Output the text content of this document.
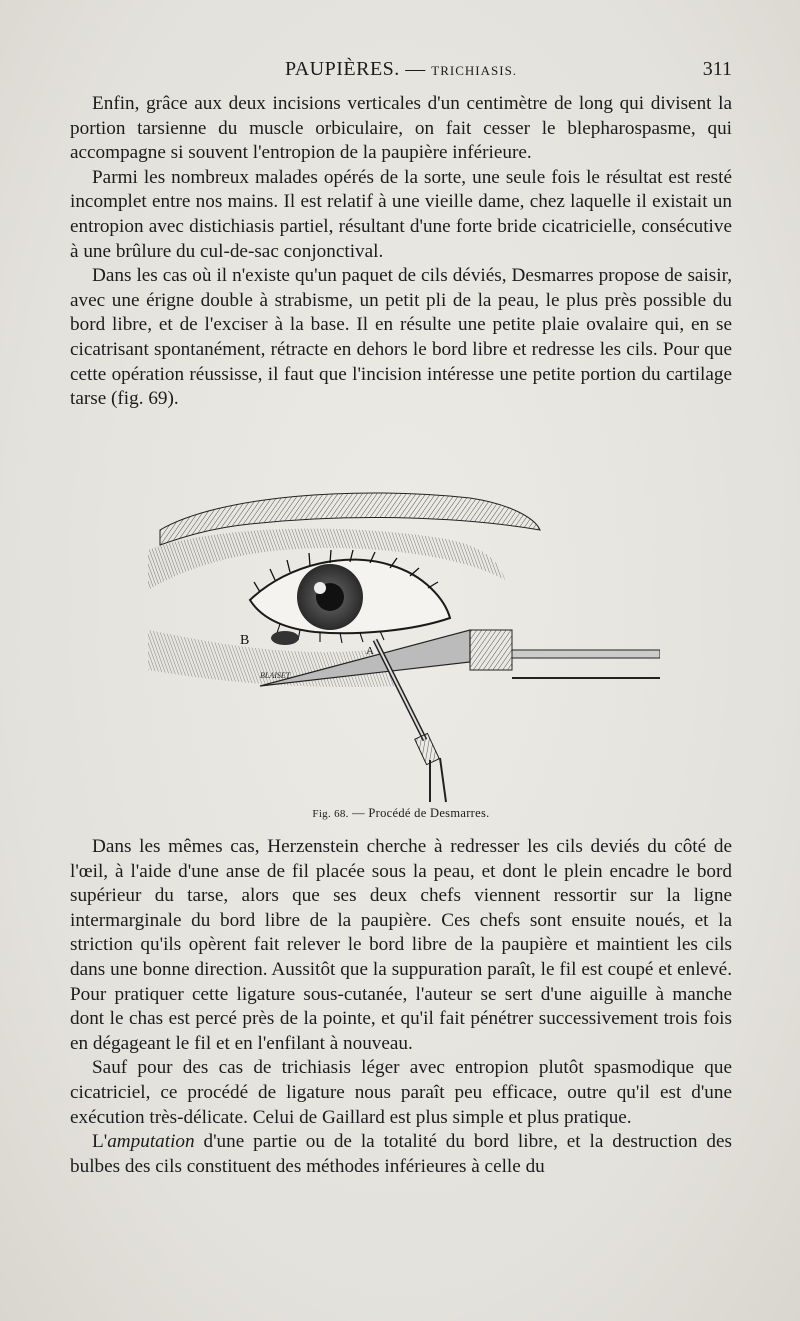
PAUPIÈRES. — TRICHIASIS.	311

Enfin, grâce aux deux incisions verticales d'un centimètre de long qui divisent la portion tarsienne du muscle orbiculaire, on fait cesser le blepharospasme, qui accompagne si souvent l'entropion de la paupière inférieure.

Parmi les nombreux malades opérés de la sorte, une seule fois le résultat est resté incomplet entre nos mains. Il est relatif à une vieille dame, chez laquelle il existait un entropion avec distichiasis partiel, résultant d'une forte bride cicatricielle, consécutive à une brûlure du cul-de-sac conjonctival.

Dans les cas où il n'existe qu'un paquet de cils déviés, Desmarres propose de saisir, avec une érigne double à strabisme, un petit pli de la peau, le plus près possible du bord libre, et de l'exciser à la base. Il en résulte une petite plaie ovalaire qui, en se cicatrisant spontanément, rétracte en dehors le bord libre et redresse les cils. Pour que cette opération réussisse, il faut que l'incision intéresse une petite portion du cartilage tarse (fig. 69).

B
A
BLAISET
Fig. 68. — Procédé de Desmarres.

Dans les mêmes cas, Herzenstein cherche à redresser les cils deviés du côté de l'œil, à l'aide d'une anse de fil placée sous la peau, et dont le plein encadre le bord supérieur du tarse, alors que ses deux chefs viennent ressortir sur la ligne intermarginale du bord libre de la paupière. Ces chefs sont ensuite noués, et la striction qu'ils opèrent fait relever le bord libre de la paupière et maintient les cils dans une bonne direction. Aussitôt que la suppuration paraît, le fil est coupé et enlevé. Pour pratiquer cette ligature sous-cutanée, l'auteur se sert d'une aiguille à manche dont le chas est percé près de la pointe, et qu'il fait pénétrer successivement trois fois en dégageant le fil et en l'enfilant à nouveau.

Sauf pour des cas de trichiasis léger avec entropion plutôt spasmodique que cicatriciel, ce procédé de ligature nous paraît peu efficace, outre qu'il est d'une exécution très-délicate. Celui de Gaillard est plus simple et plus pratique.

L'amputation d'une partie ou de la totalité du bord libre, et la destruction des bulbes des cils constituent des méthodes inférieures à celle du
